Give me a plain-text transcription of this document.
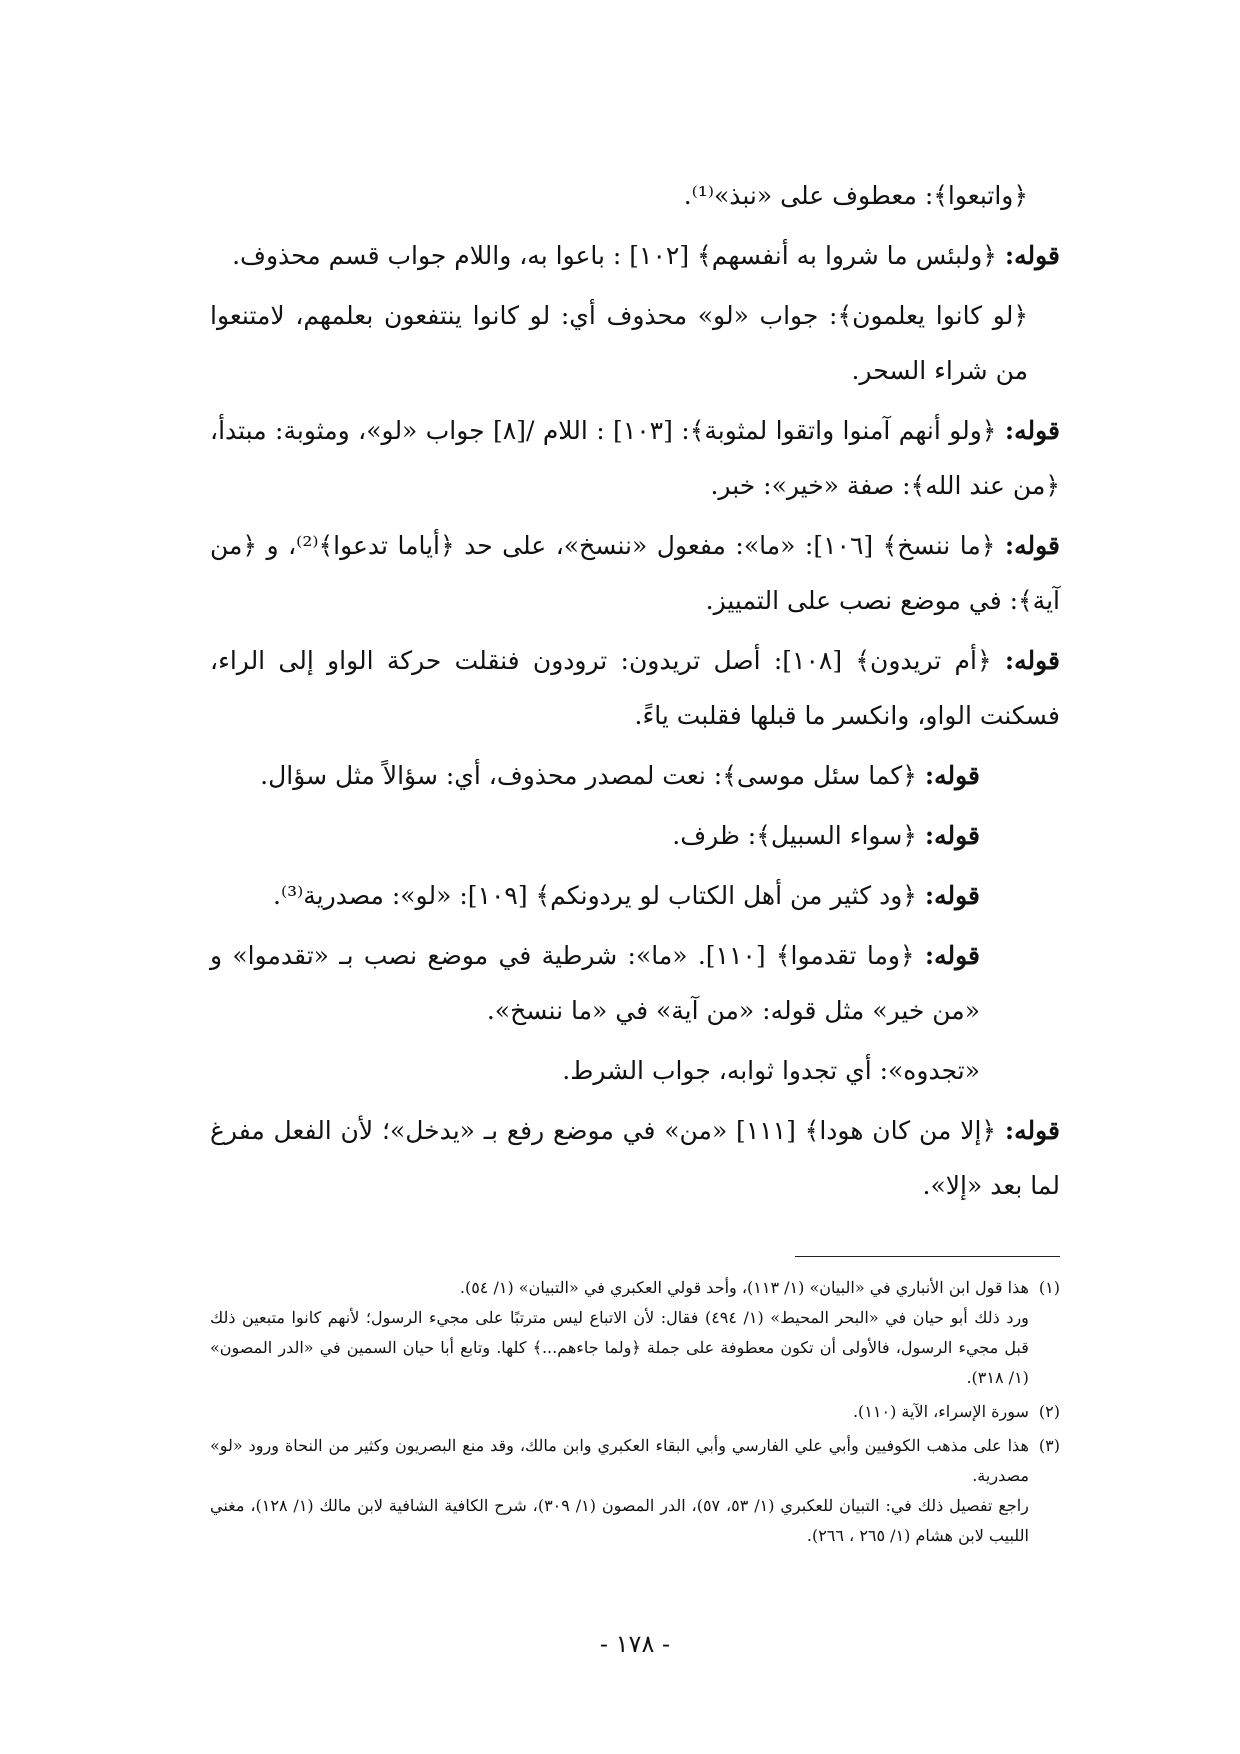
﴿واتبعوا﴾: معطوف على «نبذ»⁽¹⁾.

قوله: ﴿ولبئس ما شروا به أنفسهم﴾ [١٠٢] : باعوا به، واللام جواب قسم محذوف.

﴿لو كانوا يعلمون﴾: جواب «لو» محذوف أي: لو كانوا ينتفعون بعلمهم، لامتنعوا من شراء السحر.

قوله: ﴿ولو أنهم آمنوا واتقوا لمثوبة﴾: [١٠٣] : اللام /[٨] جواب «لو»، ومثوبة: مبتدأ، ﴿من عند الله﴾: صفة «خير»: خبر.

قوله: ﴿ما ننسخ﴾ [١٠٦]: «ما»: مفعول «ننسخ»، على حد ﴿أياما تدعوا﴾⁽²⁾، و ﴿من آية﴾: في موضع نصب على التمييز.

قوله: ﴿أم تريدون﴾ [١٠٨]: أصل تريدون: ترودون فنقلت حركة الواو إلى الراء، فسكنت الواو، وانكسر ما قبلها فقلبت ياءً.

قوله: ﴿كما سئل موسى﴾: نعت لمصدر محذوف، أي: سؤالاً مثل سؤال.

قوله: ﴿سواء السبيل﴾: ظرف.

قوله: ﴿ود كثير من أهل الكتاب لو يردونكم﴾ [١٠٩]: «لو»: مصدرية⁽³⁾.

قوله: ﴿وما تقدموا﴾ [١١٠]. «ما»: شرطية في موضع نصب بـ «تقدموا» و «من خير» مثل قوله: «من آية» في «ما ننسخ».

«تجدوه»: أي تجدوا ثوابه، جواب الشرط.

قوله: ﴿إلا من كان هودا﴾ [١١١] «من» في موضع رفع بـ «يدخل»؛ لأن الفعل مفرغ لما بعد «إلا».

(١)

هذا قول ابن الأنباري في «البيان» (١/ ١١٣)، وأحد قولي العكبري في «التبيان» (١/ ٥٤).

ورد ذلك أبو حيان في «البحر المحيط» (١/ ٤٩٤) فقال: لأن الاتباع ليس مترتبًا على مجيء الرسول؛ لأنهم كانوا متبعين ذلك قبل مجيء الرسول، فالأولى أن تكون معطوفة على جملة ﴿ولما جاءهم...﴾ كلها. وتابع أبا حيان السمين في «الدر المصون» (١/ ٣١٨).

(٢)

سورة الإسراء، الآية (١١٠).

(٣)

هذا على مذهب الكوفيين وأبي علي الفارسي وأبي البقاء العكبري وابن مالك، وقد منع البصريون وكثير من النحاة ورود «لو» مصدرية.

راجع تفصيل ذلك في: التبيان للعكبري (١/ ٥٣، ٥٧)، الدر المصون (١/ ٣٠٩)، شرح الكافية الشافية لابن مالك (١/ ١٢٨)، مغني اللبيب لابن هشام (١/ ٢٦٥ ، ٢٦٦).

- ١٧٨ -
